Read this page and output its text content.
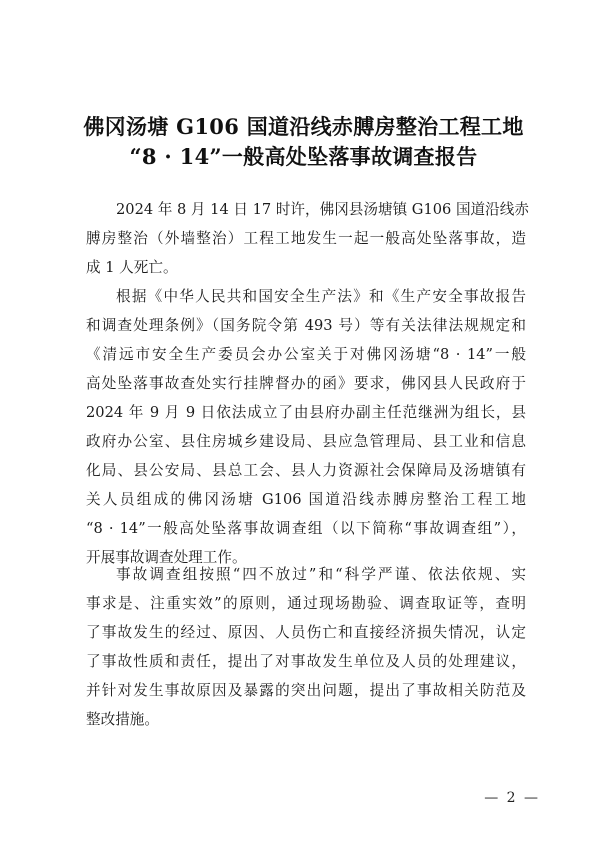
佛冈汤塘 G106 国道沿线赤膊房整治工程工地
“8 · 14”一般高处坠落事故调查报告
2024 年 8 月 14 日 17 时许，佛冈县汤塘镇 G106 国道沿线赤
膊房整治（外墙整治）工程工地发生一起一般高处坠落事故，造
成 1 人死亡。
根据《中华人民共和国安全生产法》和《生产安全事故报告
和调查处理条例》（国务院令第 493 号）等有关法律法规规定和
《清远市安全生产委员会办公室关于对佛冈汤塘“8 · 14”一般
高处坠落事故查处实行挂牌督办的函》要求，佛冈县人民政府于
2024 年 9 月 9 日依法成立了由县府办副主任范继洲为组长，县
政府办公室、县住房城乡建设局、县应急管理局、县工业和信息
化局、县公安局、县总工会、县人力资源社会保障局及汤塘镇有
关人员组成的佛冈汤塘 G106 国道沿线赤膊房整治工程工地
“8 · 14”一般高处坠落事故调查组（以下简称“事故调查组”），
开展事故调查处理工作。
事故调查组按照“四不放过”和“科学严谨、依法依规、实
事求是、注重实效”的原则，通过现场勘验、调查取证等，查明
了事故发生的经过、原因、人员伤亡和直接经济损失情况，认定
了事故性质和责任，提出了对事故发生单位及人员的处理建议，
并针对发生事故原因及暴露的突出问题，提出了事故相关防范及
整改措施。
— 2 —
